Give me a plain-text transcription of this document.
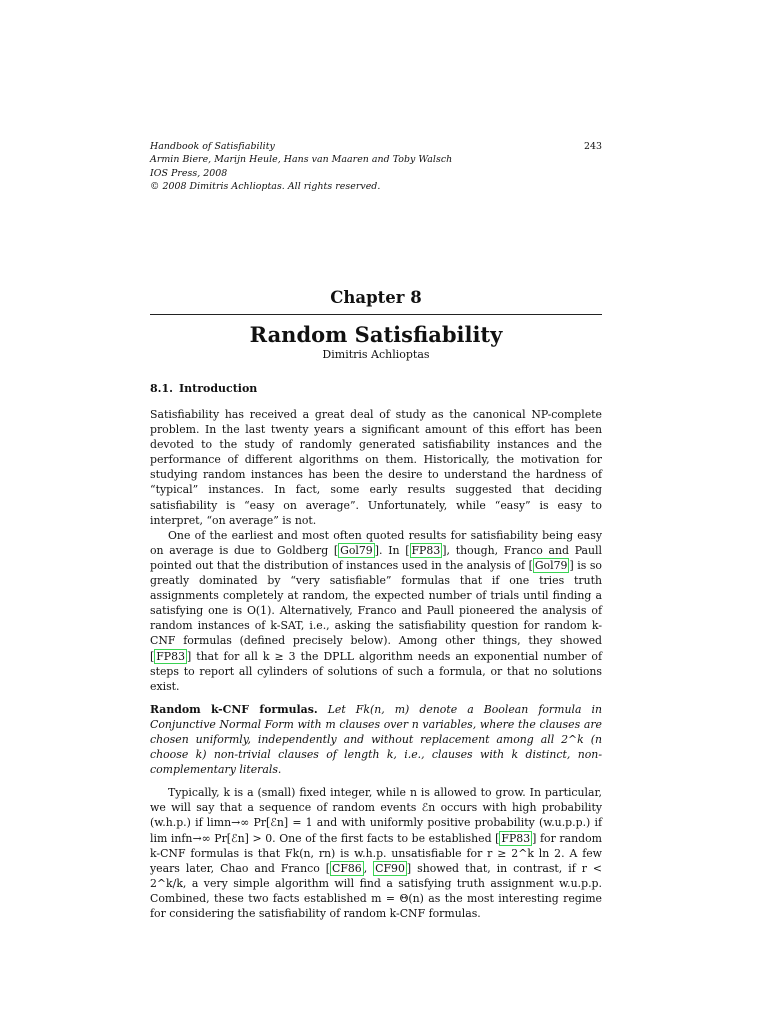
243
Handbook of Satisfiability
Armin Biere, Marijn Heule, Hans van Maaren and Toby Walsch
IOS Press, 2008
© 2008 Dimitris Achlioptas. All rights reserved.
Chapter 8
Random Satisfiability
Dimitris Achlioptas
8.1. Introduction

Satisfiability has received a great deal of study as the canonical NP-complete problem. In the last twenty years a significant amount of this effort has been devoted to the study of randomly generated satisfiability instances and the performance of different algorithms on them. Historically, the motivation for studying random instances has been the desire to understand the hardness of “typical” instances. In fact, some early results suggested that deciding satisfiability is “easy on average”. Unfortunately, while “easy” is easy to interpret, “on average” is not.

One of the earliest and most often quoted results for satisfiability being easy on average is due to Goldberg [ Gol79 ]. In [ FP83 ], though, Franco and Paull pointed out that the distribution of instances used in the analysis of [ Gol79 ] is so greatly dominated by “very satisfiable” formulas that if one tries truth assignments completely at random, the expected number of trials until finding a satisfying one is O(1). Alternatively, Franco and Paull pioneered the analysis of random instances of k-SAT, i.e., asking the satisfiability question for random k-CNF formulas (defined precisely below). Among other things, they showed [ FP83 ] that for all k ≥ 3 the DPLL algorithm needs an exponential number of steps to report all cylinders of solutions of such a formula, or that no solutions exist.

Random k-CNF formulas. Let Fk(n, m) denote a Boolean formula in Conjunctive Normal Form with m clauses over n variables, where the clauses are chosen uniformly, independently and without replacement among all 2^k (n choose k) non-trivial clauses of length k, i.e., clauses with k distinct, non-complementary literals.

Typically, k is a (small) fixed integer, while n is allowed to grow. In particular, we will say that a sequence of random events ℰn occurs with high probability (w.h.p.) if limn→∞ Pr[ℰn] = 1 and with uniformly positive probability (w.u.p.p.) if lim infn→∞ Pr[ℰn] > 0. One of the first facts to be established [ FP83 ] for random k-CNF formulas is that Fk(n, rn) is w.h.p. unsatisfiable for r ≥ 2^k ln 2. A few years later, Chao and Franco [ CF86 , CF90 ] showed that, in contrast, if r < 2^k/k, a very simple algorithm will find a satisfying truth assignment w.u.p.p. Combined, these two facts established m = Θ(n) as the most interesting regime for considering the satisfiability of random k-CNF formulas.
